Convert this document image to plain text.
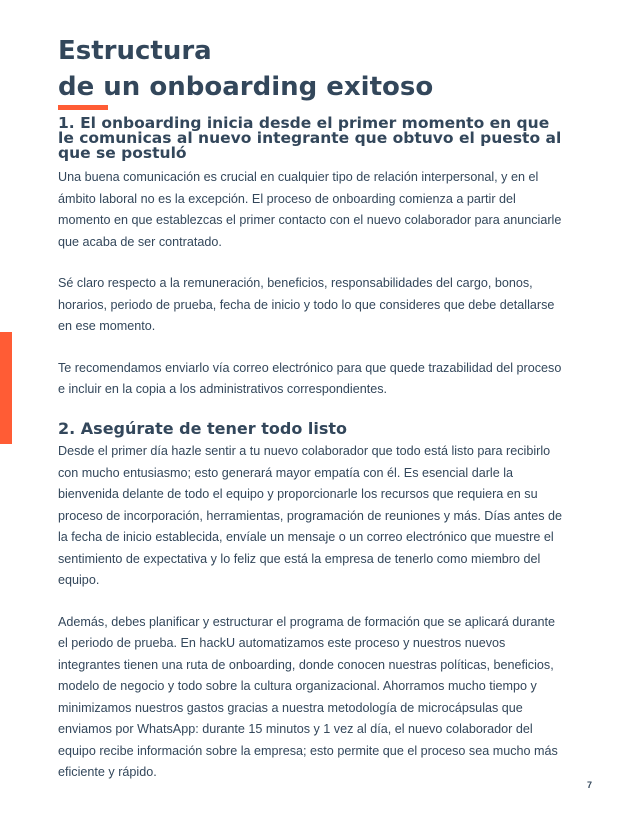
Estructura
de un onboarding exitoso
1. El onboarding inicia desde el primer momento en que le comunicas al nuevo integrante que obtuvo el puesto al que se postuló

Una buena comunicación es crucial en cualquier tipo de relación interpersonal, y en el ámbito laboral no es la excepción. El proceso de onboarding comienza a partir del momento en que establezcas el primer contacto con el nuevo colaborador para anunciarle que acaba de ser contratado.

Sé claro respecto a la remuneración, beneficios, responsabilidades del cargo, bonos, horarios, periodo de prueba, fecha de inicio y todo lo que consideres que debe detallarse en ese momento.

Te recomendamos enviarlo vía correo electrónico para que quede trazabilidad del proceso e incluir en la copia a los administrativos correspondientes.

2. Asegúrate de tener todo listo

Desde el primer día hazle sentir a tu nuevo colaborador que todo está listo para recibirlo con mucho entusiasmo; esto generará mayor empatía con él. Es esencial darle la bienvenida delante de todo el equipo y proporcionarle los recursos que requiera en su proceso de incorporación, herramientas, programación de reuniones y más. Días antes de la fecha de inicio establecida, envíale un mensaje o un correo electrónico que muestre el sentimiento de expectativa y lo feliz que está la empresa de tenerlo como miembro del equipo.

Además, debes planificar y estructurar el programa de formación que se aplicará durante el periodo de prueba. En hackU automatizamos este proceso y nuestros nuevos integrantes tienen una ruta de onboarding, donde conocen nuestras políticas, beneficios, modelo de negocio y todo sobre la cultura organizacional. Ahorramos mucho tiempo y minimizamos nuestros gastos gracias a nuestra metodología de microcápsulas que enviamos por WhatsApp: durante 15 minutos y 1 vez al día, el nuevo colaborador del equipo recibe información sobre la empresa; esto permite que el proceso sea mucho más eficiente y rápido.

7
